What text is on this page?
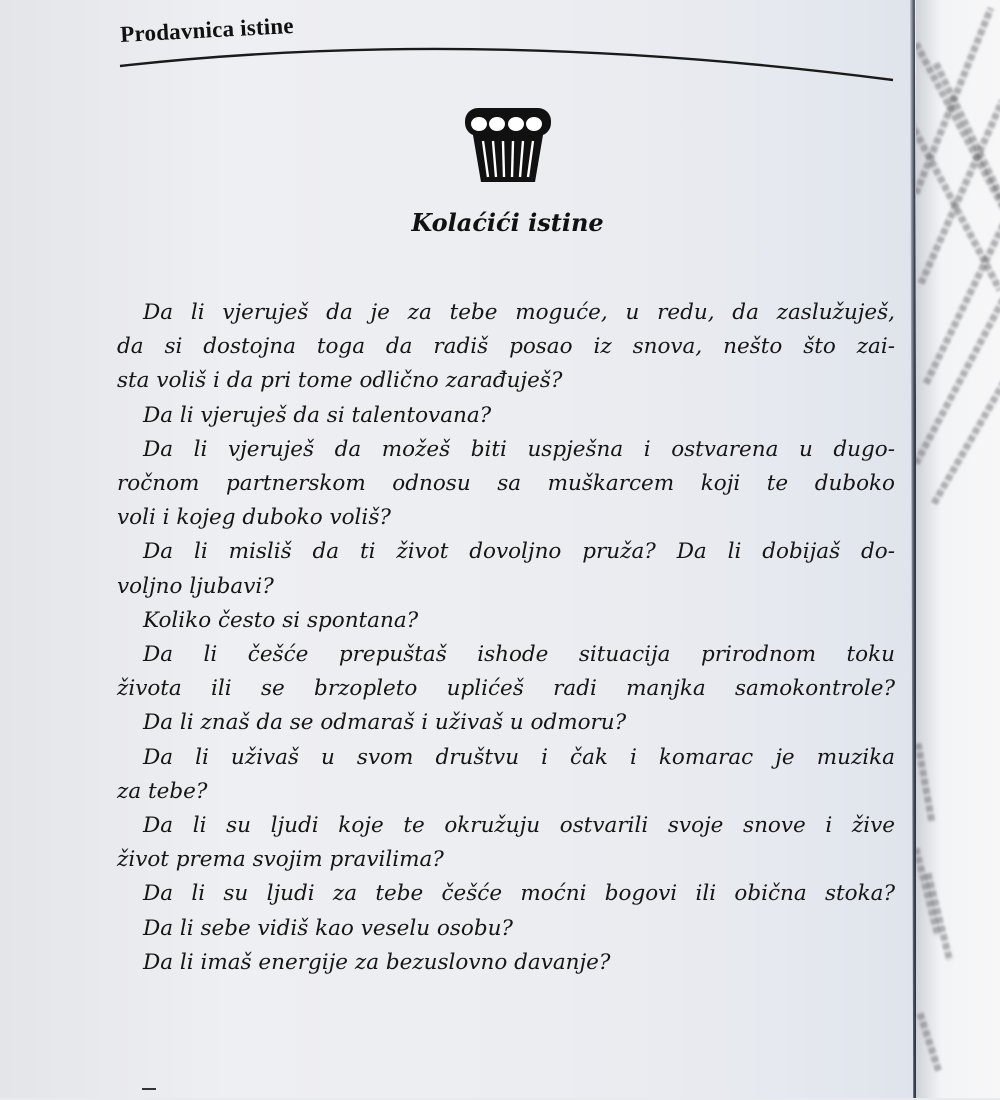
Prodavnica istine
Kolaćići istine
Da li vjeruješ da je za tebe moguće, u redu, da zaslužuješ,
da si dostojna toga da radiš posao iz snova, nešto što zai-
sta voliš i da pri tome odlično zarađuješ?
Da li vjeruješ da si talentovana?
Da li vjeruješ da možeš biti uspješna i ostvarena u dugo-
ročnom partnerskom odnosu sa muškarcem koji te duboko
voli i kojeg duboko voliš?
Da li misliš da ti život dovoljno pruža? Da li dobijaš do-
voljno ljubavi?
Koliko često si spontana?
Da li češće prepuštaš ishode situacija prirodnom toku
života ili se brzopleto uplićeš radi manjka samokontrole?
Da li znaš da se odmaraš i uživaš u odmoru?
Da li uživaš u svom društvu i čak i komarac je muzika
za tebe?
Da li su ljudi koje te okružuju ostvarili svoje snove i žive
život prema svojim pravilima?
Da li su ljudi za tebe češće moćni bogovi ili obična stoka?
Da li sebe vidiš kao veselu osobu?
Da li imaš energije za bezuslovno davanje?
